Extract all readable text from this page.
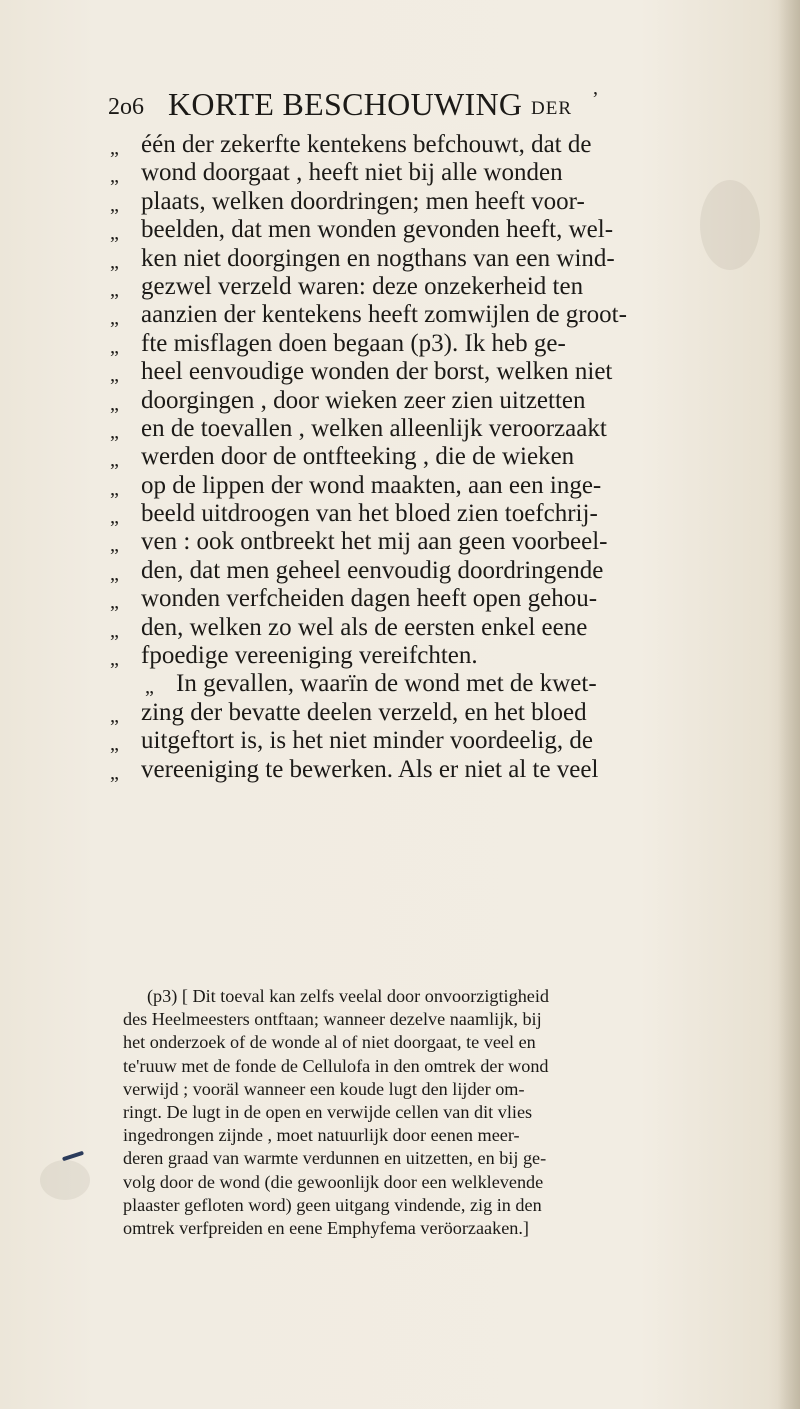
2o6 KORTE BESCHOUWING DER ’
„ één der zekerfte kentekens befchouwt, dat de
„ wond doorgaat , heeft niet bij alle wonden
„ plaats, welken doordringen; men heeft voor-
„ beelden, dat men wonden gevonden heeft, wel-
„ ken niet doorgingen en nogthans van een wind-
„ gezwel verzeld waren: deze onzekerheid ten
„ aanzien der kentekens heeft zomwijlen de groot-
„ fte misflagen doen begaan (p3). Ik heb ge-
„ heel eenvoudige wonden der borst, welken niet
„ doorgingen , door wieken zeer zien uitzetten
„ en de toevallen , welken alleenlijk veroorzaakt
„ werden door de ontfteeking , die de wieken
„ op de lippen der wond maakten, aan een inge-
„ beeld uitdroogen van het bloed zien toefchrij-
„ ven : ook ontbreekt het mij aan geen voorbeel-
„ den, dat men geheel eenvoudig doordringende
„ wonden verfcheiden dagen heeft open gehou-
„ den, welken zo wel als de eersten enkel eene
„ fpoedige vereeniging vereifchten.
„ In gevallen, waarïn de wond met de kwet-
„ zing der bevatte deelen verzeld, en het bloed
„ uitgeftort is, is het niet minder voordeelig, de
„ vereeniging te bewerken. Als er niet al te veel
(p3) [ Dit toeval kan zelfs veelal door onvoorzigtigheid
des Heelmeesters ontftaan; wanneer dezelve naamlijk, bij
het onderzoek of de wonde al of niet doorgaat, te veel en
te'ruuw met de fonde de Cellulofa in den omtrek der wond
verwijd ; vooräl wanneer een koude lugt den lijder om-
ringt. De lugt in de open en verwijde cellen van dit vlies
ingedrongen zijnde , moet natuurlijk door eenen meer-
deren graad van warmte verdunnen en uitzetten, en bij ge-
volg door de wond (die gewoonlijk door een welklevende
plaaster gefloten word) geen uitgang vindende, zig in den
omtrek verfpreiden en eene Emphyfema veröorzaaken.]
